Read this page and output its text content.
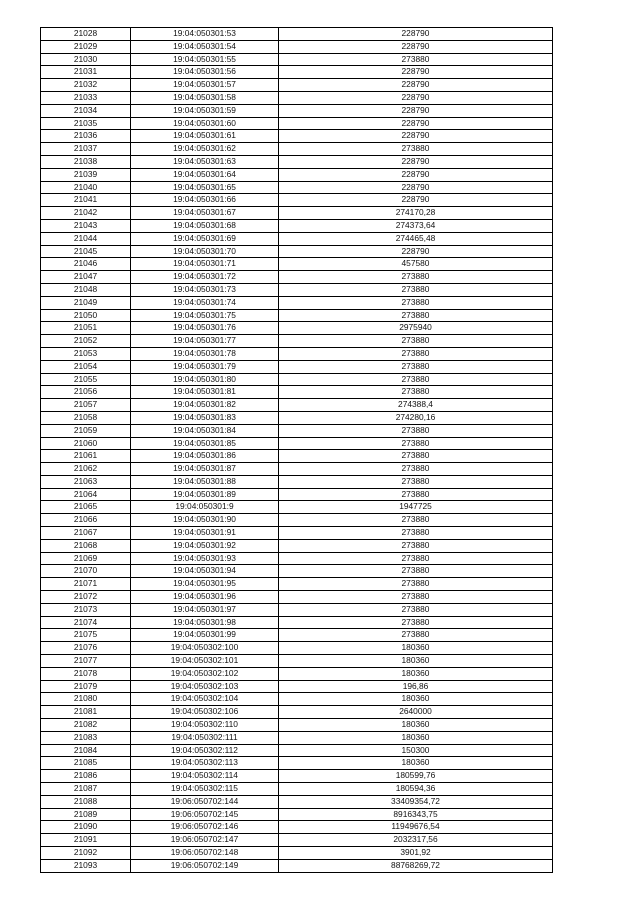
21028	19:04:050301:53	228790
21029	19:04:050301:54	228790
21030	19:04:050301:55	273880
21031	19:04:050301:56	228790
21032	19:04:050301:57	228790
21033	19:04:050301:58	228790
21034	19:04:050301:59	228790
21035	19:04:050301:60	228790
21036	19:04:050301:61	228790
21037	19:04:050301:62	273880
21038	19:04:050301:63	228790
21039	19:04:050301:64	228790
21040	19:04:050301:65	228790
21041	19:04:050301:66	228790
21042	19:04:050301:67	274170,28
21043	19:04:050301:68	274373,64
21044	19:04:050301:69	274465,48
21045	19:04:050301:70	228790
21046	19:04:050301:71	457580
21047	19:04:050301:72	273880
21048	19:04:050301:73	273880
21049	19:04:050301:74	273880
21050	19:04:050301:75	273880
21051	19:04:050301:76	2975940
21052	19:04:050301:77	273880
21053	19:04:050301:78	273880
21054	19:04:050301:79	273880
21055	19:04:050301:80	273880
21056	19:04:050301:81	273880
21057	19:04:050301:82	274388,4
21058	19:04:050301:83	274280,16
21059	19:04:050301:84	273880
21060	19:04:050301:85	273880
21061	19:04:050301:86	273880
21062	19:04:050301:87	273880
21063	19:04:050301:88	273880
21064	19:04:050301:89	273880
21065	19:04:050301:9	1947725
21066	19:04:050301:90	273880
21067	19:04:050301:91	273880
21068	19:04:050301:92	273880
21069	19:04:050301:93	273880
21070	19:04:050301:94	273880
21071	19:04:050301:95	273880
21072	19:04:050301:96	273880
21073	19:04:050301:97	273880
21074	19:04:050301:98	273880
21075	19:04:050301:99	273880
21076	19:04:050302:100	180360
21077	19:04:050302:101	180360
21078	19:04:050302:102	180360
21079	19:04:050302:103	196,86
21080	19:04:050302:104	180360
21081	19:04:050302:106	2640000
21082	19:04:050302:110	180360
21083	19:04:050302:111	180360
21084	19:04:050302:112	150300
21085	19:04:050302:113	180360
21086	19:04:050302:114	180599,76
21087	19:04:050302:115	180594,36
21088	19:06:050702:144	33409354,72
21089	19:06:050702:145	8916343,75
21090	19:06:050702:146	11949676,54
21091	19:06:050702:147	2032317,56
21092	19:06:050702:148	3901,92
21093	19:06:050702:149	88768269,72
